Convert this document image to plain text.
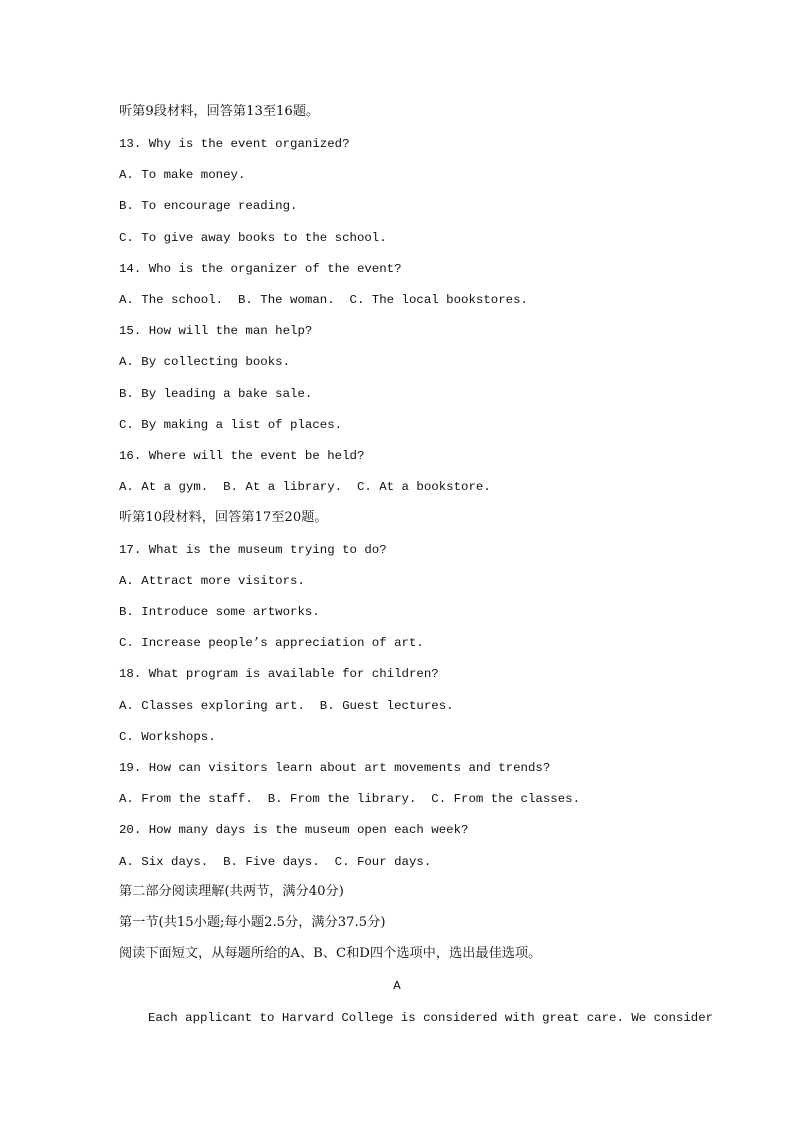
听第9段材料，回答第13至16题。
13. Why is the event organized?
A. To make money.
B. To encourage reading.
C. To give away books to the school.
14. Who is the organizer of the event?
A. The school.  B. The woman.  C. The local bookstores.
15. How will the man help?
A. By collecting books.
B. By leading a bake sale.
C. By making a list of places.
16. Where will the event be held?
A. At a gym.  B. At a library.  C. At a bookstore.
听第10段材料，回答第17至20题。
17. What is the museum trying to do?
A. Attract more visitors.
B. Introduce some artworks.
C. Increase people’s appreciation of art.
18. What program is available for children?
A. Classes exploring art.  B. Guest lectures.
C. Workshops.
19. How can visitors learn about art movements and trends?
A. From the staff.  B. From the library.  C. From the classes.
20. How many days is the museum open each week?
A. Six days.  B. Five days.  C. Four days.
第二部分阅读理解(共两节，满分40分)
第一节(共15小题;每小题2.5分，满分37.5分)
阅读下面短文，从每题所给的A、B、C和D四个选项中，选出最佳选项。
A
Each applicant to Harvard College is considered with great care. We consider
